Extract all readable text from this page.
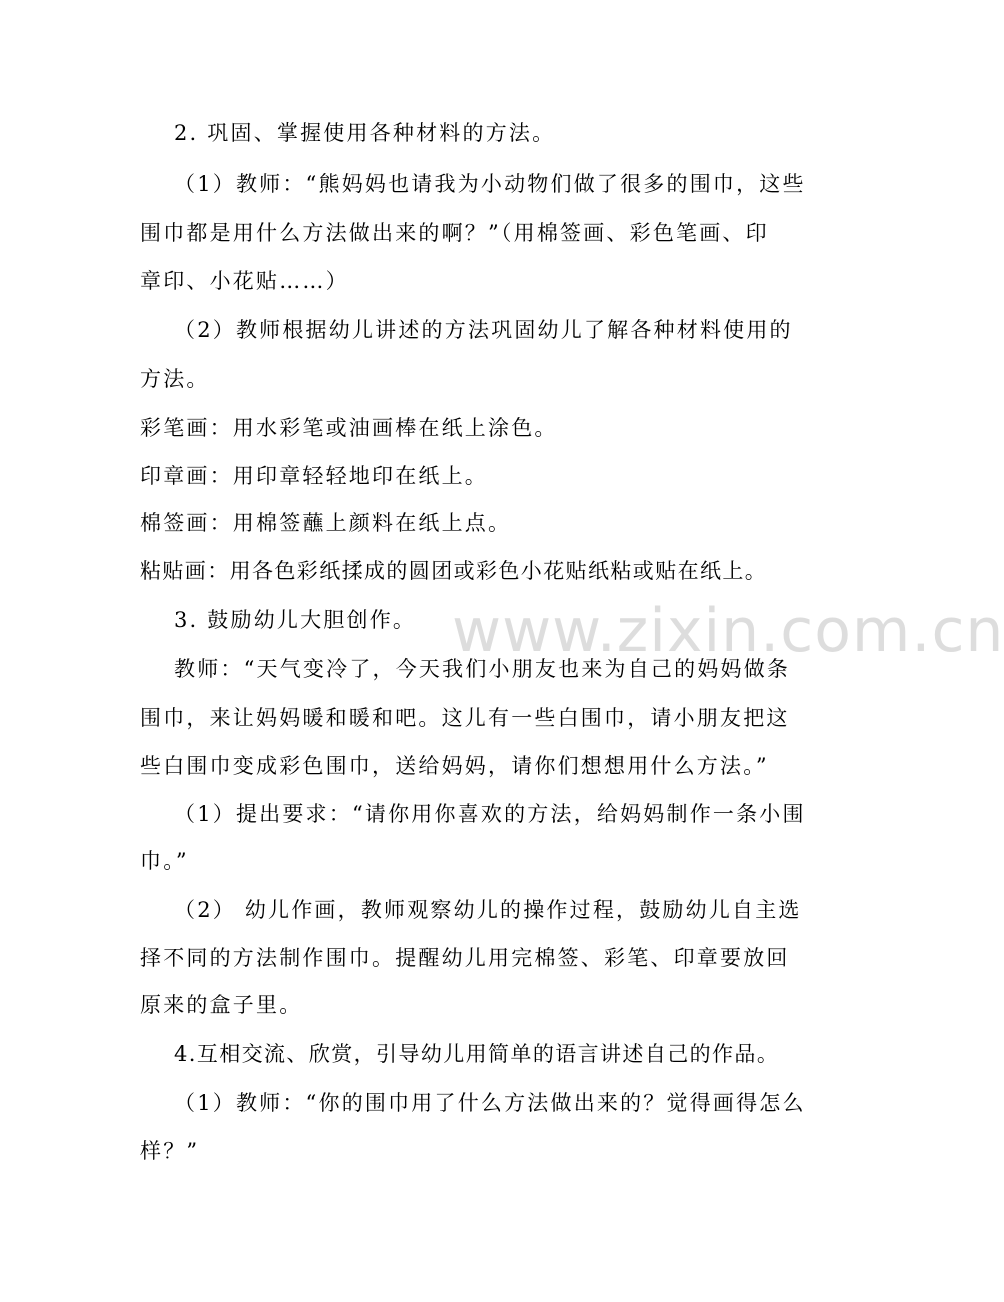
2. 巩固、掌握使用各种材料的方法。
（1）教师：“熊妈妈也请我为小动物们做了很多的围巾，这些
围巾都是用什么方法做出来的啊？”（用棉签画、彩色笔画、印
章印、小花贴……）
（2）教师根据幼儿讲述的方法巩固幼儿了解各种材料使用的
方法。
彩笔画：用水彩笔或油画棒在纸上涂色。
印章画：用印章轻轻地印在纸上。
棉签画：用棉签蘸上颜料在纸上点。
粘贴画：用各色彩纸揉成的圆团或彩色小花贴纸粘或贴在纸上。
3. 鼓励幼儿大胆创作。
教师：“天气变冷了，今天我们小朋友也来为自己的妈妈做条
围巾，来让妈妈暖和暖和吧。这儿有一些白围巾，请小朋友把这
些白围巾变成彩色围巾，送给妈妈，请你们想想用什么方法。”
（1）提出要求：“请你用你喜欢的方法，给妈妈制作一条小围
巾。”
（2） 幼儿作画，教师观察幼儿的操作过程，鼓励幼儿自主选
择不同的方法制作围巾。提醒幼儿用完棉签、彩笔、印章要放回
原来的盒子里。
4.互相交流、欣赏，引导幼儿用简单的语言讲述自己的作品。
（1）教师：“你的围巾用了什么方法做出来的？觉得画得怎么
样？”
www.zixin.com.cn
